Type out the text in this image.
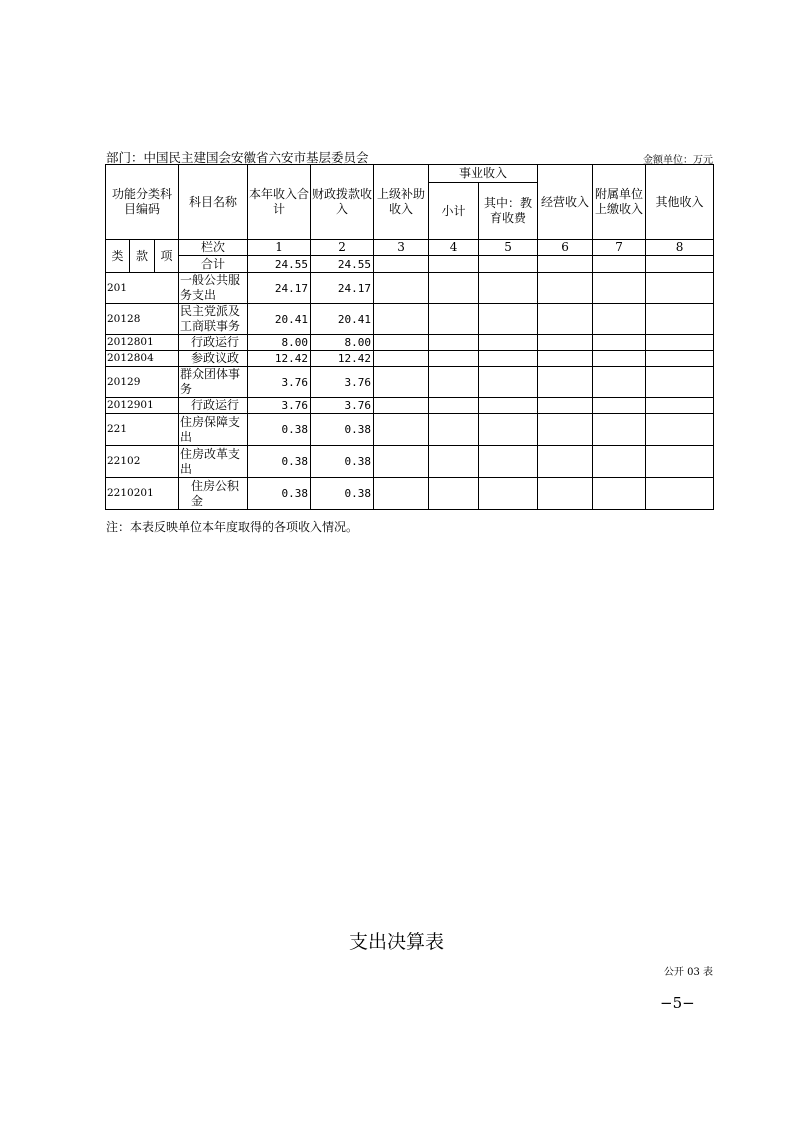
部门：中国民主建国会安徽省六安市基层委员会	金额单位：万元
功能分类科目编码			科目名称	本年收入合计	财政拨款收入	上级补助收入	事业收入		经营收入	附属单位上缴收入	其他收入
							小计	其中：教育收费			
类	款	项	栏次	1	2	3	4	5	6	7	8
			合计	24.55	24.55						
201			一般公共服务支出	24.17	24.17						
20128			民主党派及工商联事务	20.41	20.41						
2012801			行政运行	8.00	8.00						
2012804			参政议政	12.42	12.42						
20129			群众团体事务	3.76	3.76						
2012901			行政运行	3.76	3.76						
221			住房保障支出	0.38	0.38						
22102			住房改革支出	0.38	0.38						
2210201			住房公积金	0.38	0.38						
注：本表反映单位本年度取得的各项收入情况。
支出决算表
公开 03 表
−5−
